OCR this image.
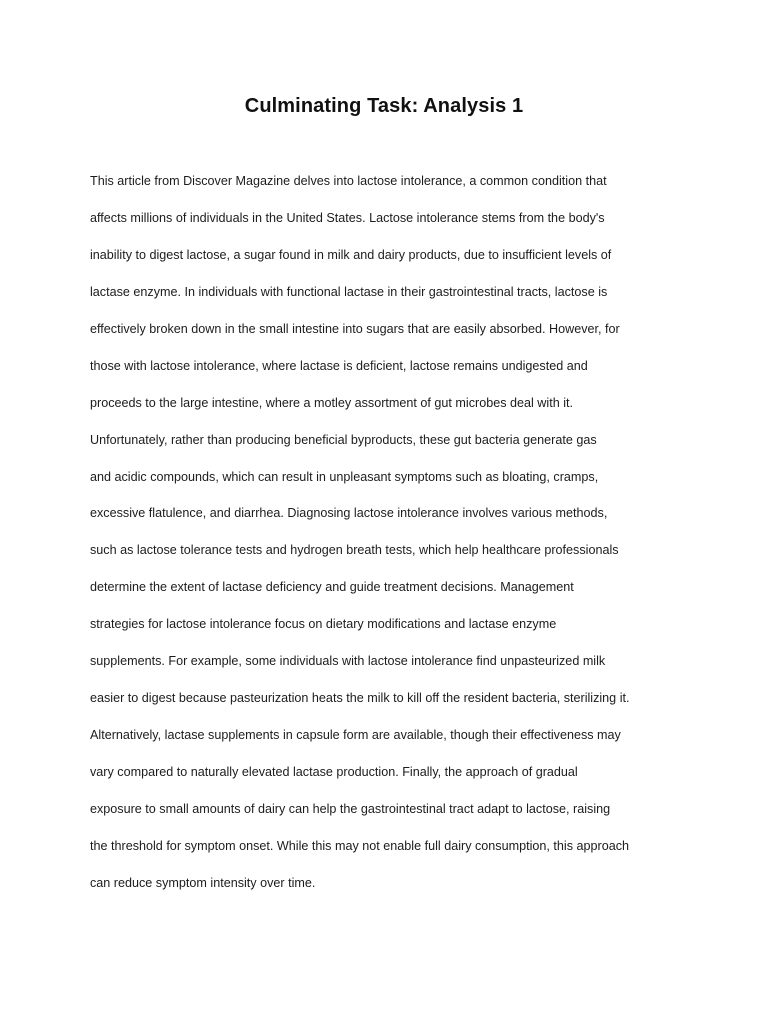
Culminating Task: Analysis 1
This article from Discover Magazine delves into lactose intolerance, a common condition that
affects millions of individuals in the United States. Lactose intolerance stems from the body's
inability to digest lactose, a sugar found in milk and dairy products, due to insufficient levels of
lactase enzyme. In individuals with functional lactase in their gastrointestinal tracts, lactose is
effectively broken down in the small intestine into sugars that are easily absorbed. However, for
those with lactose intolerance, where lactase is deficient, lactose remains undigested and
proceeds to the large intestine, where a motley assortment of gut microbes deal with it.
Unfortunately, rather than producing beneficial byproducts, these gut bacteria generate gas
and acidic compounds, which can result in unpleasant symptoms such as bloating, cramps,
excessive flatulence, and diarrhea. Diagnosing lactose intolerance involves various methods,
such as lactose tolerance tests and hydrogen breath tests, which help healthcare professionals
determine the extent of lactase deficiency and guide treatment decisions. Management
strategies for lactose intolerance focus on dietary modifications and lactase enzyme
supplements. For example, some individuals with lactose intolerance find unpasteurized milk
easier to digest because pasteurization heats the milk to kill off the resident bacteria, sterilizing it.
Alternatively, lactase supplements in capsule form are available, though their effectiveness may
vary compared to naturally elevated lactase production. Finally, the approach of gradual
exposure to small amounts of dairy can help the gastrointestinal tract adapt to lactose, raising
the threshold for symptom onset. While this may not enable full dairy consumption, this approach
can reduce symptom intensity over time.
